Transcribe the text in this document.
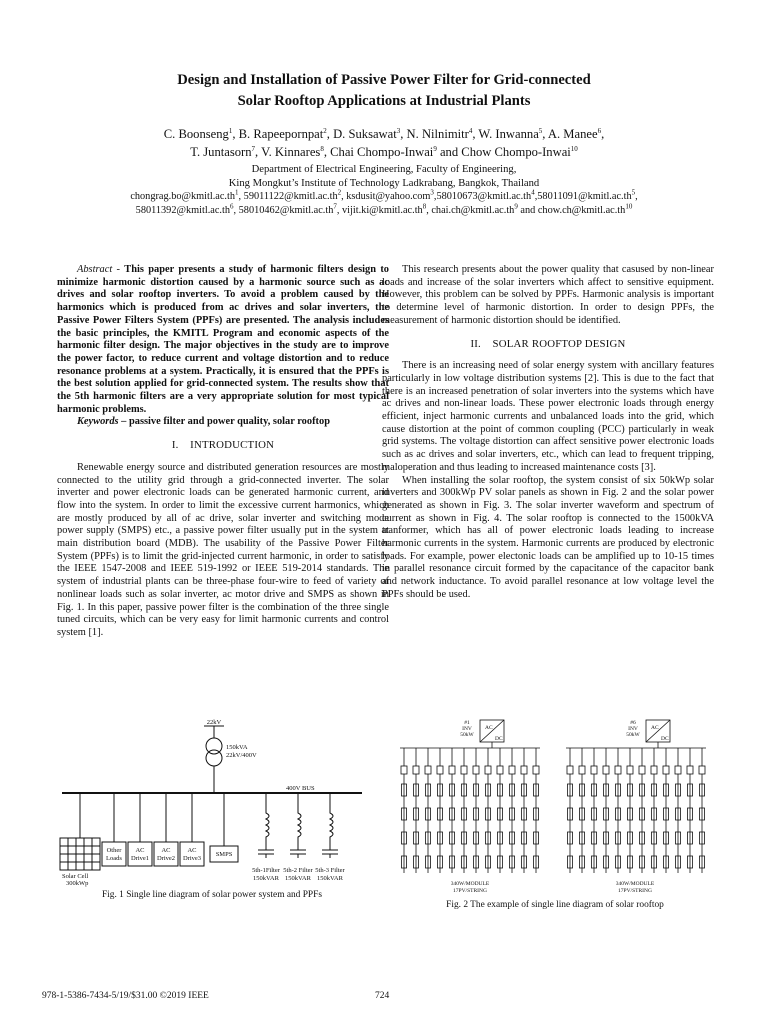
Design and Installation of Passive Power Filter for Grid-connected
Solar Rooftop Applications at Industrial Plants
C. Boonseng$^1$, B. Rapeepornpat$^2$, D. Suksawat$^3$, N. Nilnimitr$^4$, W. Inwanna$^5$, A. Manee$^6$,
T. Juntasorn$^7$, V. Kinnares$^8$, Chai Chompo-Inwai$^9$ and Chow Chompo-Inwai$^{10}$
Department of Electrical Engineering, Faculty of Engineering,
King Mongkut’s Institute of Technology Ladkrabang, Bangkok, Thailand
$chongrag.bo@kmitl.ac.th^1$, $59011122@kmitl.ac.th^2$, $ksdusit@yahoo.com^3,58010673@kmitl.ac.th^4,58011091@kmitl.ac.th^5$,
$58011392@kmitl.ac.th^6$, $58010462@kmitl.ac.th^7$, $vijit.ki@kmitl.ac.th^8$, $chai.ch@kmitl.ac.th^9$ and $chow.ch@kmitl.ac.th^{10}$

Abstract - This paper presents a study of harmonic filters design to minimize harmonic distortion caused by a harmonic source such as ac drives and solar rooftop inverters. To avoid a problem caused by the harmonics which is produced from ac drives and solar inverters, the Passive Power Filters System (PPFs) are presented. The analysis includes the basic principles, the KMITL Program and economic aspects of the harmonic filter design. The major objectives in the study are to improve the power factor, to reduce current and voltage distortion and to reduce resonance problems at a system. Practically, it is ensured that the PPFs is the best solution applied for grid-connected system. The results show that the 5th harmonic filters are a very appropriate solution for most typical harmonic problems.

Keywords – passive filter and power quality, solar rooftop

I.    INTRODUCTION

Renewable energy source and distributed generation resources are mostly connected to the utility grid through a grid-connected inverter. The solar inverter and power electronic loads can be generated harmonic current, and flow into the system. In order to limit the excessive current harmonics, which are mostly produced by all of ac drive, solar inverter and switching mode power supply (SMPS) etc., a passive power filter usually put in the system at main distribution board (MDB). The usability of the Passive Power Filter System (PPFs) is to limit the grid-injected current harmonic, in order to satisfy the IEEE 1547-2008 and IEEE 519-1992 or IEEE 519-2014 standards. The system of industrial plants can be three-phase four-wire to feed of variety of nonlinear loads such as solar inverter, ac motor drive and SMPS as shown in Fig. 1. In this paper, passive power filter is the combination of the three single tuned circuits, which can be very easy for limit harmonic currents and control system [1].

This research presents about the power quality that casused by non-linear loads and increase of the solar inverters which affect to sensitive equipment. However, this problem can be solved by PPFs. Harmonic analysis is important to determine level of harmonic distortion. In order to design PPFs, the measurement of harmonic distortion should be identified.

II.    SOLAR ROOFTOP DESIGN

There is an increasing need of solar energy system with ancillary features particularly in low voltage distribution systems [2]. This is due to the fact that there is an increased penetration of solar inverters into the systems which have ac drives and non-linear loads. These power electronic loads through energy efficient, inject harmonic currents and unbalanced loads into the grid, which cause distortion at the point of common coupling (PCC) particularly in weak grid systems. The voltage distortion can affect sensitive power electronic loads such as ac drives and solar inverters, etc., which can lead to frequent tripping, maloperation and thus leading to increased maintenance costs [3].

When installing the solar rooftop, the system consist of six 50kWp solar inverters and 300kWp PV solar panels as shown in Fig. 2 and the solar power generated as shown in Fig. 3. The solar inverter waveform and spectrum of current as shown in Fig. 4. The solar rooftop is connected to the 1500kVA tranformer, which has all of power electronic loads leading to increase harmonic currents in the system. Harmonic currents are produced by electronic loads. For example, power electonic loads can be amplified up to 10-15 times in parallel resonance circuit formed by the capacitance of the capacitor bank and network inductance. To avoid parallel resonance at low voltage level the PPFs should be used.

22kV
150kVA
22kV/400V
400V BUS
Solar Cell
300kWp
Other
Loads
AC
Drive1
AC
Drive2
AC
Drive3
SMPS
5th-1Filter
150kVAR
5th-2 Filter
150kVAR
5th-3 Filter
150kVAR
Fig. 1 Single line diagram of solar power system and PPFs
#1
INV
50kW
AC
DC
#6
INV
50kW
AC
DC
340W/MODULE
17PV/STRING
340W/MODULE
17PV/STRING
Fig. 2 The example of single line diagram of solar rooftop
978-1-5386-7434-5/19/$31.00 ©2019 IEEE	724
